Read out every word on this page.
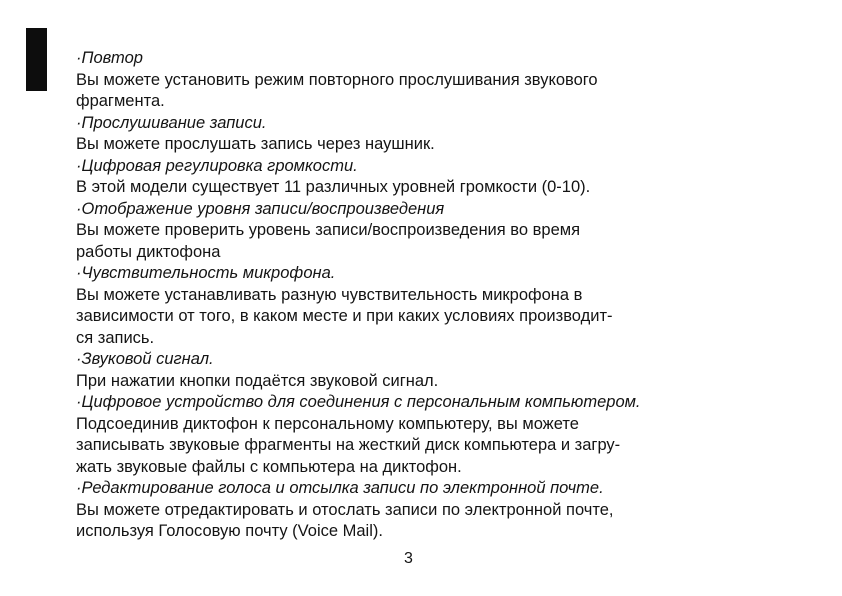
·Повтор

Вы можете установить режим повторного прослушивания звукового
фрагмента.

·Прослушивание записи.

Вы можете прослушать запись через наушник.

·Цифровая регулировка громкости.

В этой модели существует 11 различных уровней громкости (0-10).

·Отображение уровня записи/воспроизведения

Вы можете проверить уровень записи/воспроизведения во время
работы диктофона

·Чувствительность микрофона.

Вы можете устанавливать разную чувствительность микрофона в
зависимости от того, в каком месте и при каких условиях производит-
ся запись.

·Звуковой сигнал.

При нажатии кнопки подаётся звуковой сигнал.

·Цифровое устройство для соединения с персональным компьютером.

Подсоединив диктофон к персональному компьютеру, вы можете
записывать звуковые фрагменты на жесткий диск компьютера и загру-
жать звуковые файлы с компьютера на диктофон.

·Редактирование голоса и отсылка записи по электронной почте.

Вы можете отредактировать и отослать записи по электронной почте,
используя Голосовую почту (Voice Mail).

3
